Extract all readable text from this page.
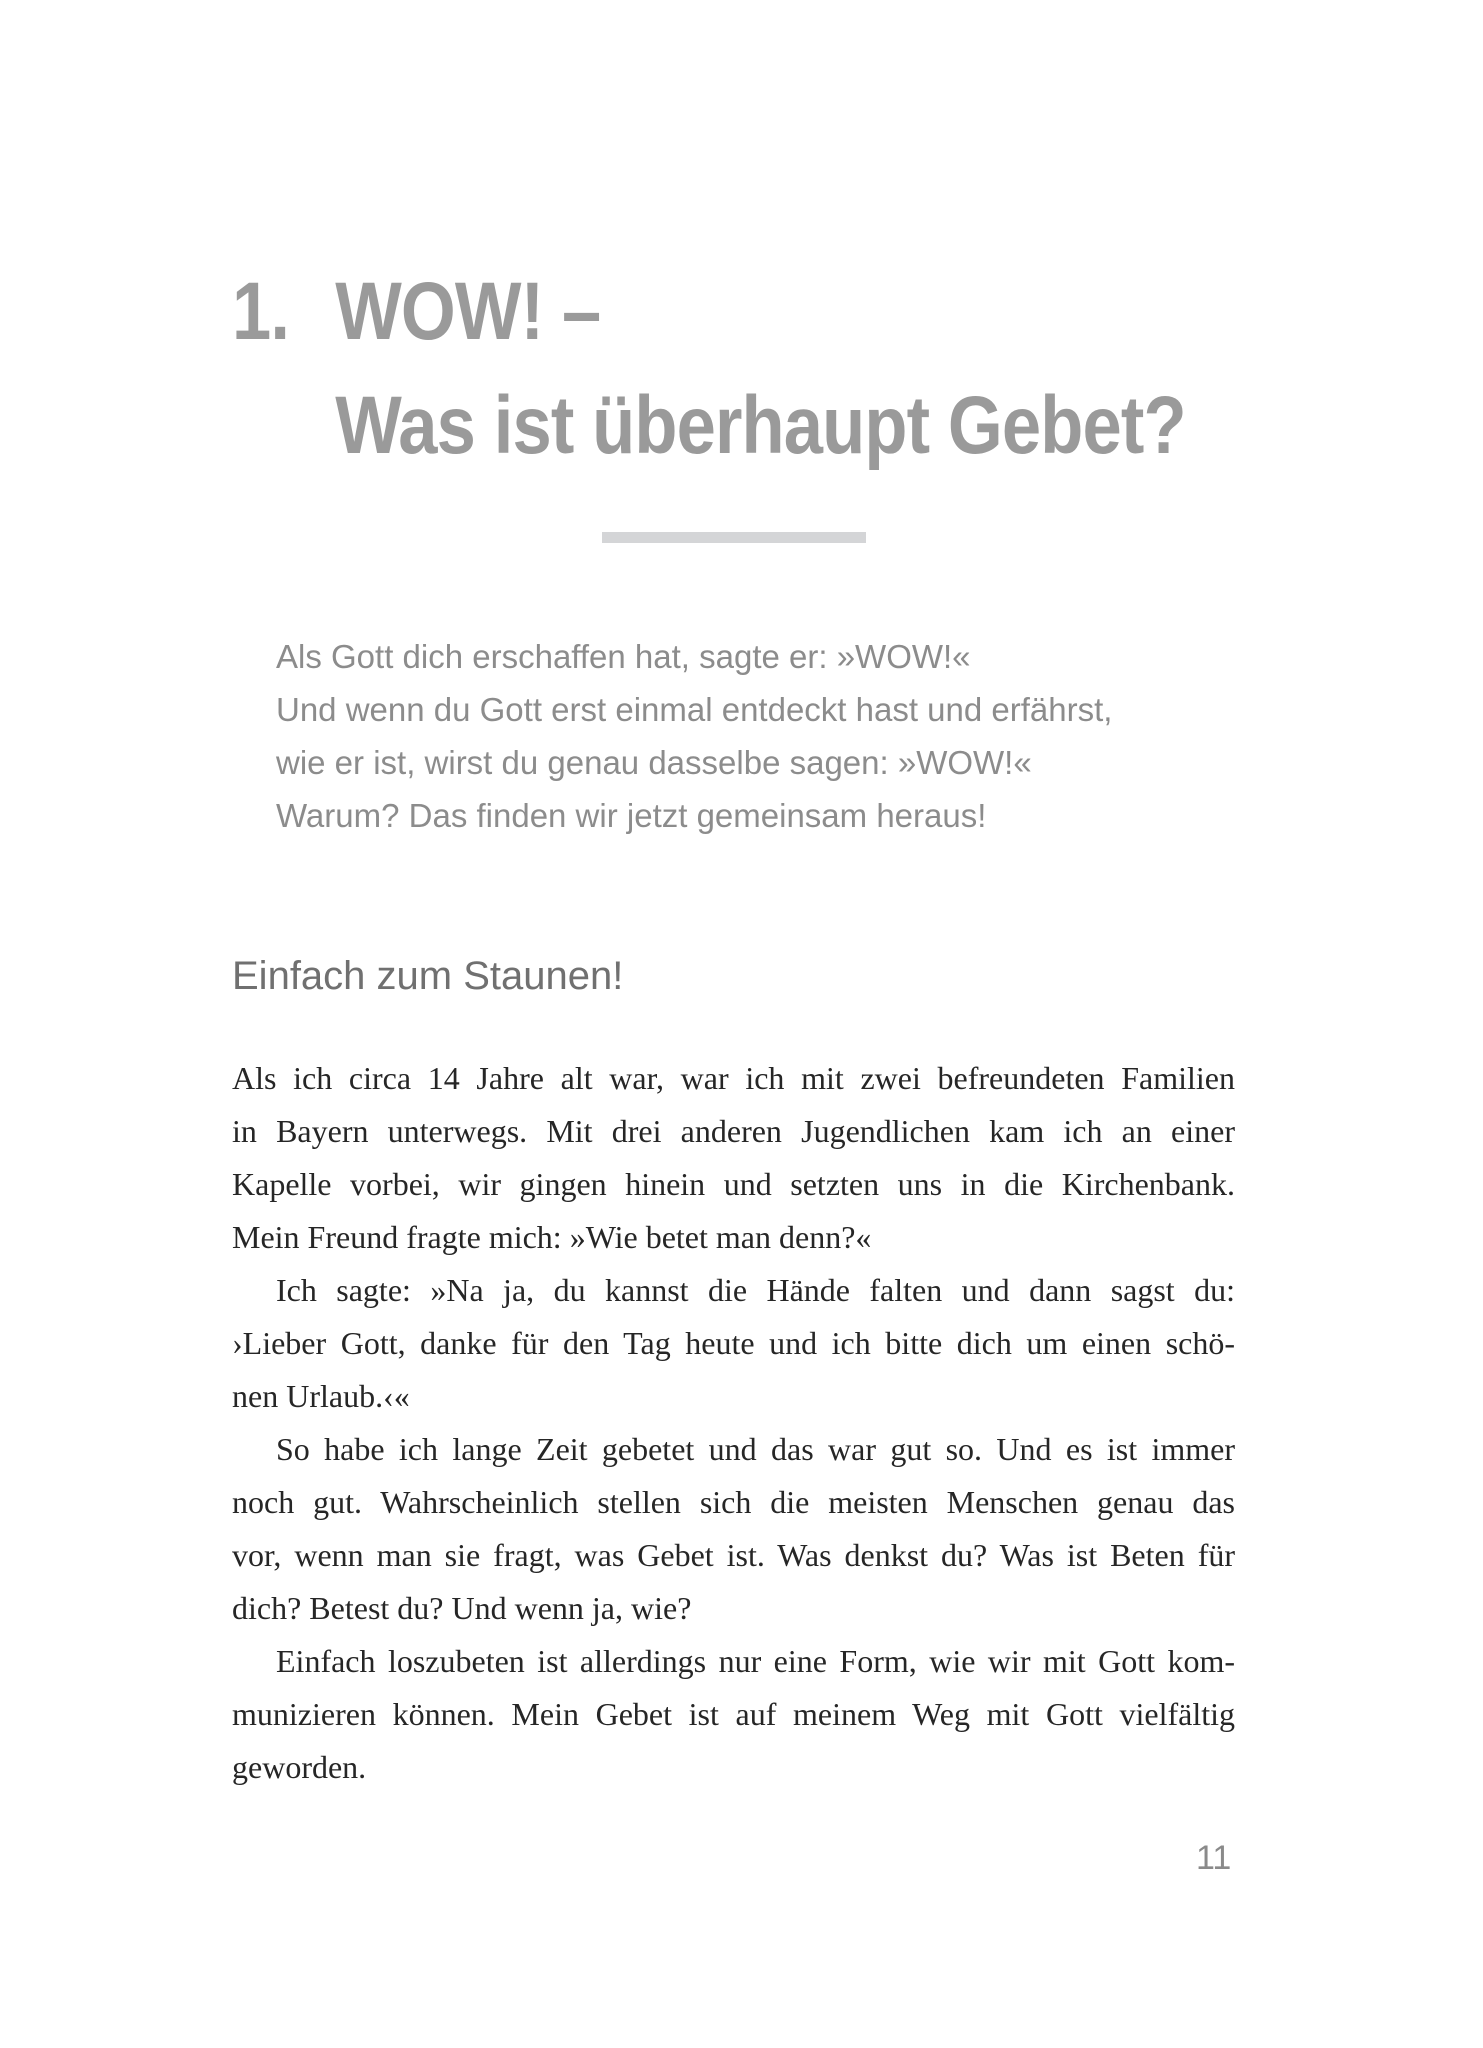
1. WOW! –
Was ist überhaupt Gebet?
Als Gott dich erschaffen hat, sagte er: »WOW!«
Und wenn du Gott erst einmal entdeckt hast und erfährst,
wie er ist, wirst du genau dasselbe sagen: »WOW!«
Warum? Das finden wir jetzt gemeinsam heraus!
Einfach zum Staunen!
Als ich circa 14 Jahre alt war, war ich mit zwei befreundeten Familien
in Bayern unterwegs. Mit drei anderen Jugendlichen kam ich an einer
Kapelle vorbei, wir gingen hinein und setzten uns in die Kirchenbank.
Mein Freund fragte mich: »Wie betet man denn?«
Ich sagte: »Na ja, du kannst die Hände falten und dann sagst du:
›Lieber Gott, danke für den Tag heute und ich bitte dich um einen schö-
nen Urlaub.‹«
So habe ich lange Zeit gebetet und das war gut so. Und es ist immer
noch gut. Wahrscheinlich stellen sich die meisten Menschen genau das
vor, wenn man sie fragt, was Gebet ist. Was denkst du? Was ist Beten für
dich? Betest du? Und wenn ja, wie?
Einfach loszubeten ist allerdings nur eine Form, wie wir mit Gott kom-
munizieren können. Mein Gebet ist auf meinem Weg mit Gott vielfältig
geworden.
11
